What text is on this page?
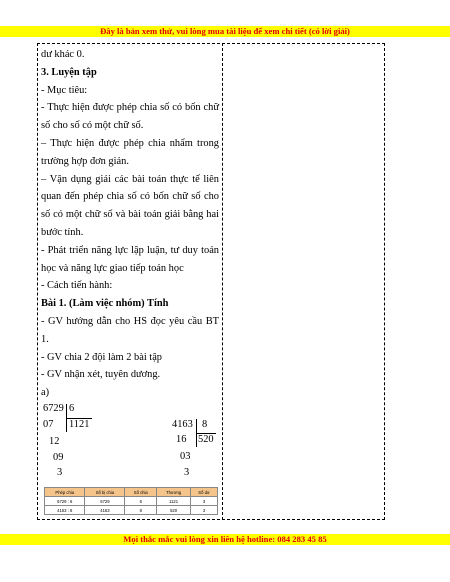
Đây là bản xem thử, vui lòng mua tài liệu để xem chi tiết (có lời giải)

dư khác 0.

3. Luyện tập

- Mục tiêu:

- Thực hiện được phép chia số có bốn chữ số cho số có một chữ số.

– Thực hiện được phép chia nhẩm trong trường hợp đơn giản.

– Vận dụng giải các bài toán thực tế liên quan đến phép chia số có bốn chữ số cho số có một chữ số và bài toán giải bằng hai bước tính.

- Phát triển năng lực lập luận, tư duy toán học và năng lực giao tiếp toán học

- Cách tiến hành:

Bài 1. (Làm việc nhóm) Tính

- GV hướng dẫn cho HS đọc yêu cầu BT 1.

- GV chia 2 đội làm 2 bài tập

- GV nhận xét, tuyên dương.

a)

6729 6
1121
07
12
09
3
4163 8
520
16
03
3
Phép chia	Số bị chia	Số chia	Thương	Số dư
6729 : 6	6729	6	1121	3
4163 : 8	4163	8	520	3
Mọi thắc mắc vui lòng xin liên hệ hotline: 084 283 45 85
